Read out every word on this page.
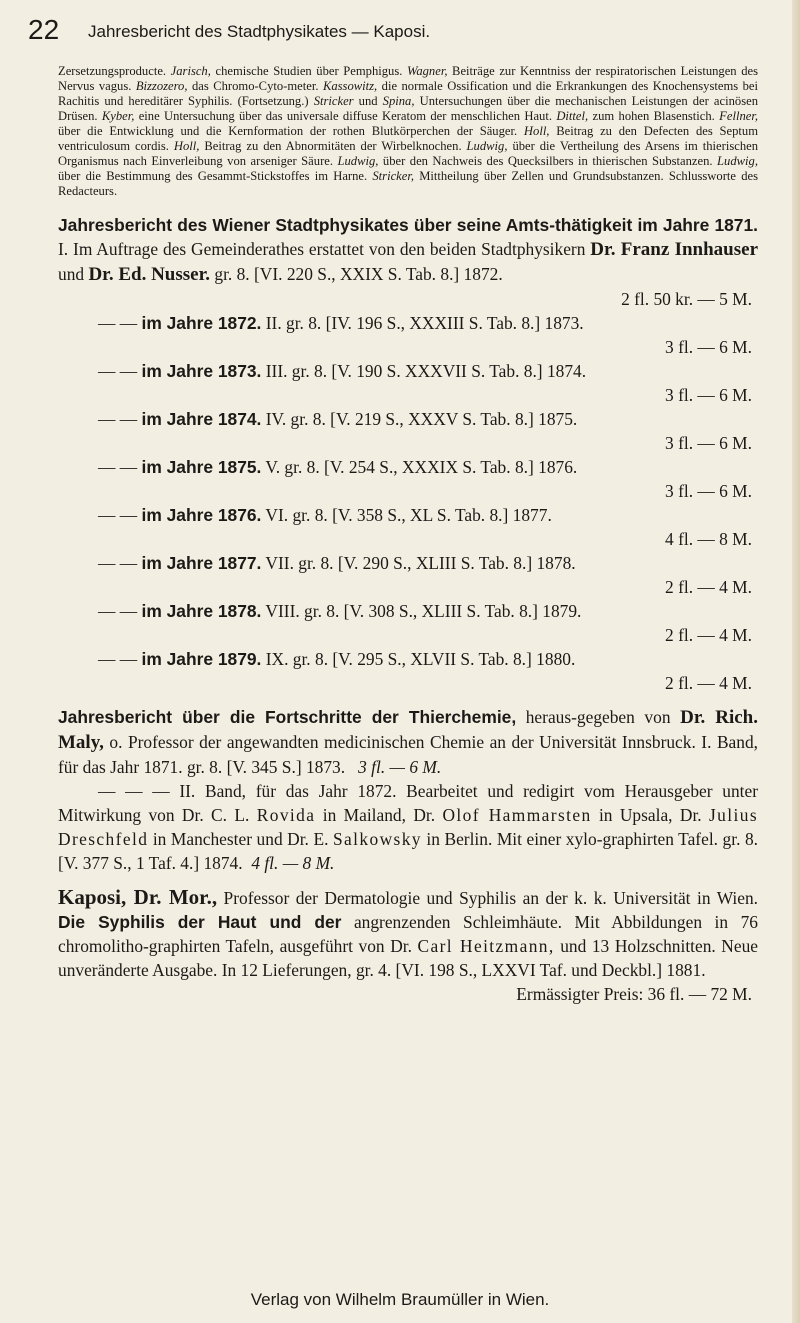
22 Jahresbericht des Stadtphysikates — Kaposi.

Zersetzungsproducte. Jarisch, chemische Studien über Pemphigus. Wagner, Beiträge zur Kenntniss der respiratorischen Leistungen des Nervus vagus. Bizzozero, das Chromo-Cyto-meter. Kassowitz, die normale Ossification und die Erkrankungen des Knochensystems bei Rachitis und hereditärer Syphilis. (Fortsetzung.) Stricker und Spina, Untersuchungen über die mechanischen Leistungen der acinösen Drüsen. Kyber, eine Untersuchung über das universale diffuse Keratom der menschlichen Haut. Dittel, zum hohen Blasenstich. Fellner, über die Entwicklung und die Kernformation der rothen Blutkörperchen der Säuger. Holl, Beitrag zu den Defecten des Septum ventriculosum cordis. Holl, Beitrag zu den Abnormitäten der Wirbelknochen. Ludwig, über die Vertheilung des Arsens im thierischen Organismus nach Einverleibung von arseniger Säure. Ludwig, über den Nachweis des Quecksilbers in thierischen Substanzen. Ludwig, über die Bestimmung des Gesammt-Stickstoffes im Harne. Stricker, Mittheilung über Zellen und Grundsubstanzen. Schlussworte des Redacteurs.

Jahresbericht des Wiener Stadtphysikates über seine Amts-thätigkeit im Jahre 1871. I. Im Auftrage des Gemeinderathes erstattet von den beiden Stadtphysikern Dr. Franz Innhauser und Dr. Ed. Nusser. gr. 8. [VI. 220 S., XXIX S. Tab. 8.] 1872.

2 fl. 50 kr. — 5 M.

— — im Jahre 1872. II. gr. 8. [IV. 196 S., XXXIII S. Tab. 8.] 1873.

3 fl. — 6 M.

— — im Jahre 1873. III. gr. 8. [V. 190 S. XXXVII S. Tab. 8.] 1874.

3 fl. — 6 M.

— — im Jahre 1874. IV. gr. 8. [V. 219 S., XXXV S. Tab. 8.] 1875.

3 fl. — 6 M.

— — im Jahre 1875. V. gr. 8. [V. 254 S., XXXIX S. Tab. 8.] 1876.

3 fl. — 6 M.

— — im Jahre 1876. VI. gr. 8. [V. 358 S., XL S. Tab. 8.] 1877.

4 fl. — 8 M.

— — im Jahre 1877. VII. gr. 8. [V. 290 S., XLIII S. Tab. 8.] 1878.

2 fl. — 4 M.

— — im Jahre 1878. VIII. gr. 8. [V. 308 S., XLIII S. Tab. 8.] 1879.

2 fl. — 4 M.

— — im Jahre 1879. IX. gr. 8. [V. 295 S., XLVII S. Tab. 8.] 1880.

2 fl. — 4 M.

Jahresbericht über die Fortschritte der Thierchemie, heraus-gegeben von Dr. Rich. Maly, o. Professor der angewandten medicinischen Chemie an der Universität Innsbruck. I. Band, für das Jahr 1871. gr. 8. [V. 345 S.] 1873. 3 fl. — 6 M.

— — — II. Band, für das Jahr 1872. Bearbeitet und redigirt vom Herausgeber unter Mitwirkung von Dr. C. L. Rovida in Mailand, Dr. Olof Hammarsten in Upsala, Dr. Julius Dreschfeld in Manchester und Dr. E. Salkowsky in Berlin. Mit einer xylo-graphirten Tafel. gr. 8. [V. 377 S., 1 Taf. 4.] 1874. 4 fl. — 8 M.

Kaposi, Dr. Mor., Professor der Dermatologie und Syphilis an der k. k. Universität in Wien. Die Syphilis der Haut und der angrenzenden Schleimhäute. Mit Abbildungen in 76 chromolitho-graphirten Tafeln, ausgeführt von Dr. Carl Heitzmann, und 13 Holzschnitten. Neue unveränderte Ausgabe. In 12 Lieferungen, gr. 4. [VI. 198 S., LXXVI Taf. und Deckbl.] 1881.

Ermässigter Preis: 36 fl. — 72 M.

Verlag von Wilhelm Braumüller in Wien.
